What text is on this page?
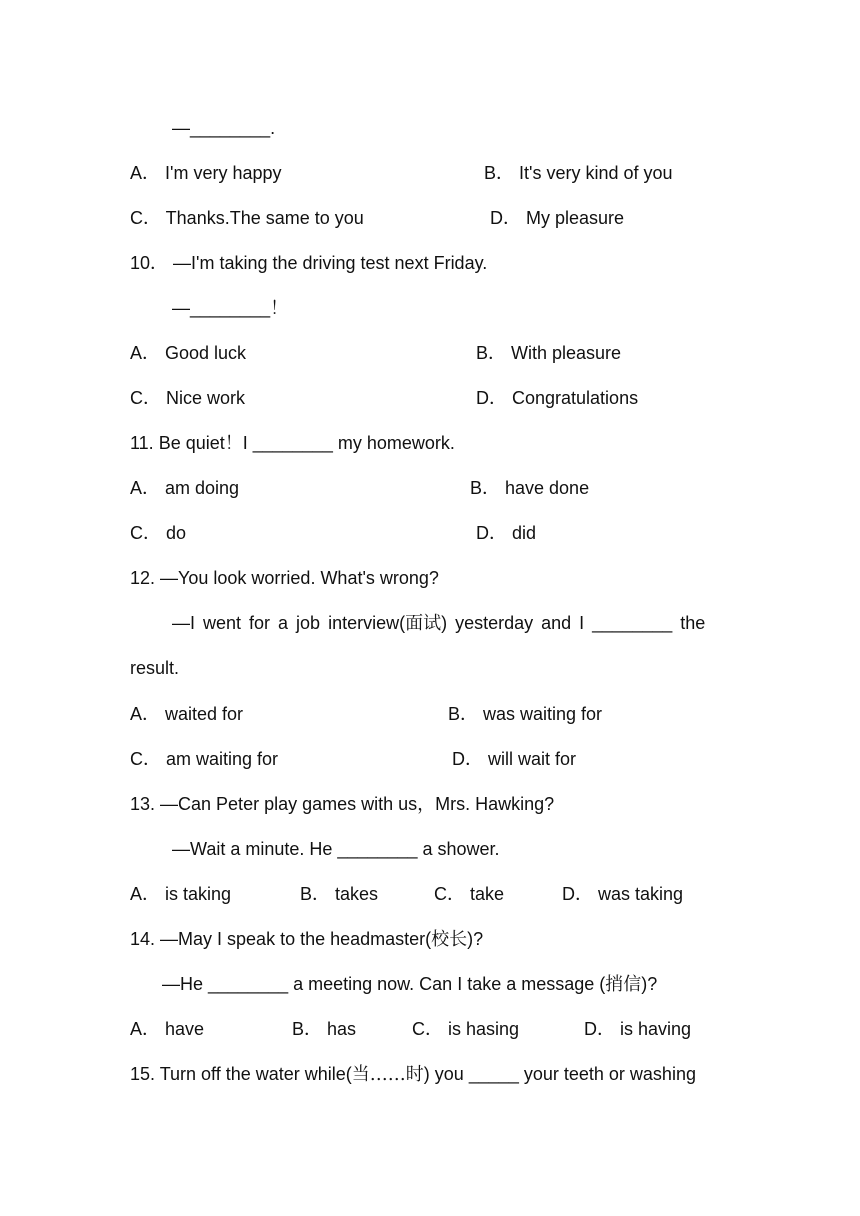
—________.
A． I'm very happy	B． It's very kind of you
C． Thanks.The same to you	D． My pleasure
10． —I'm taking the driving test next Friday.
—________！
A． Good luck	B． With pleasure
C． Nice work	D． Congratulations
11. Be quiet！I ________ my homework.
A． am doing	B． have done
C． do	D． did
12. —You look worried. What's wrong?
—I went for a job interview(面试) yesterday and I ________ the
result.
A． waited for	B． was waiting for
C． am waiting for	D． will wait for
13. —Can Peter play games with us，Mrs. Hawking?
—Wait a minute. He ________ a shower.
A． is taking	B． takes	C． take	D． was taking
14. —May I speak to the headmaster(校长)?
—He ________ a meeting now. Can I take a message (捎信)?
A． have	B． has	C． is hasing	D． is having
15. Turn off the water while(当……时) you _____ your teeth or washing
